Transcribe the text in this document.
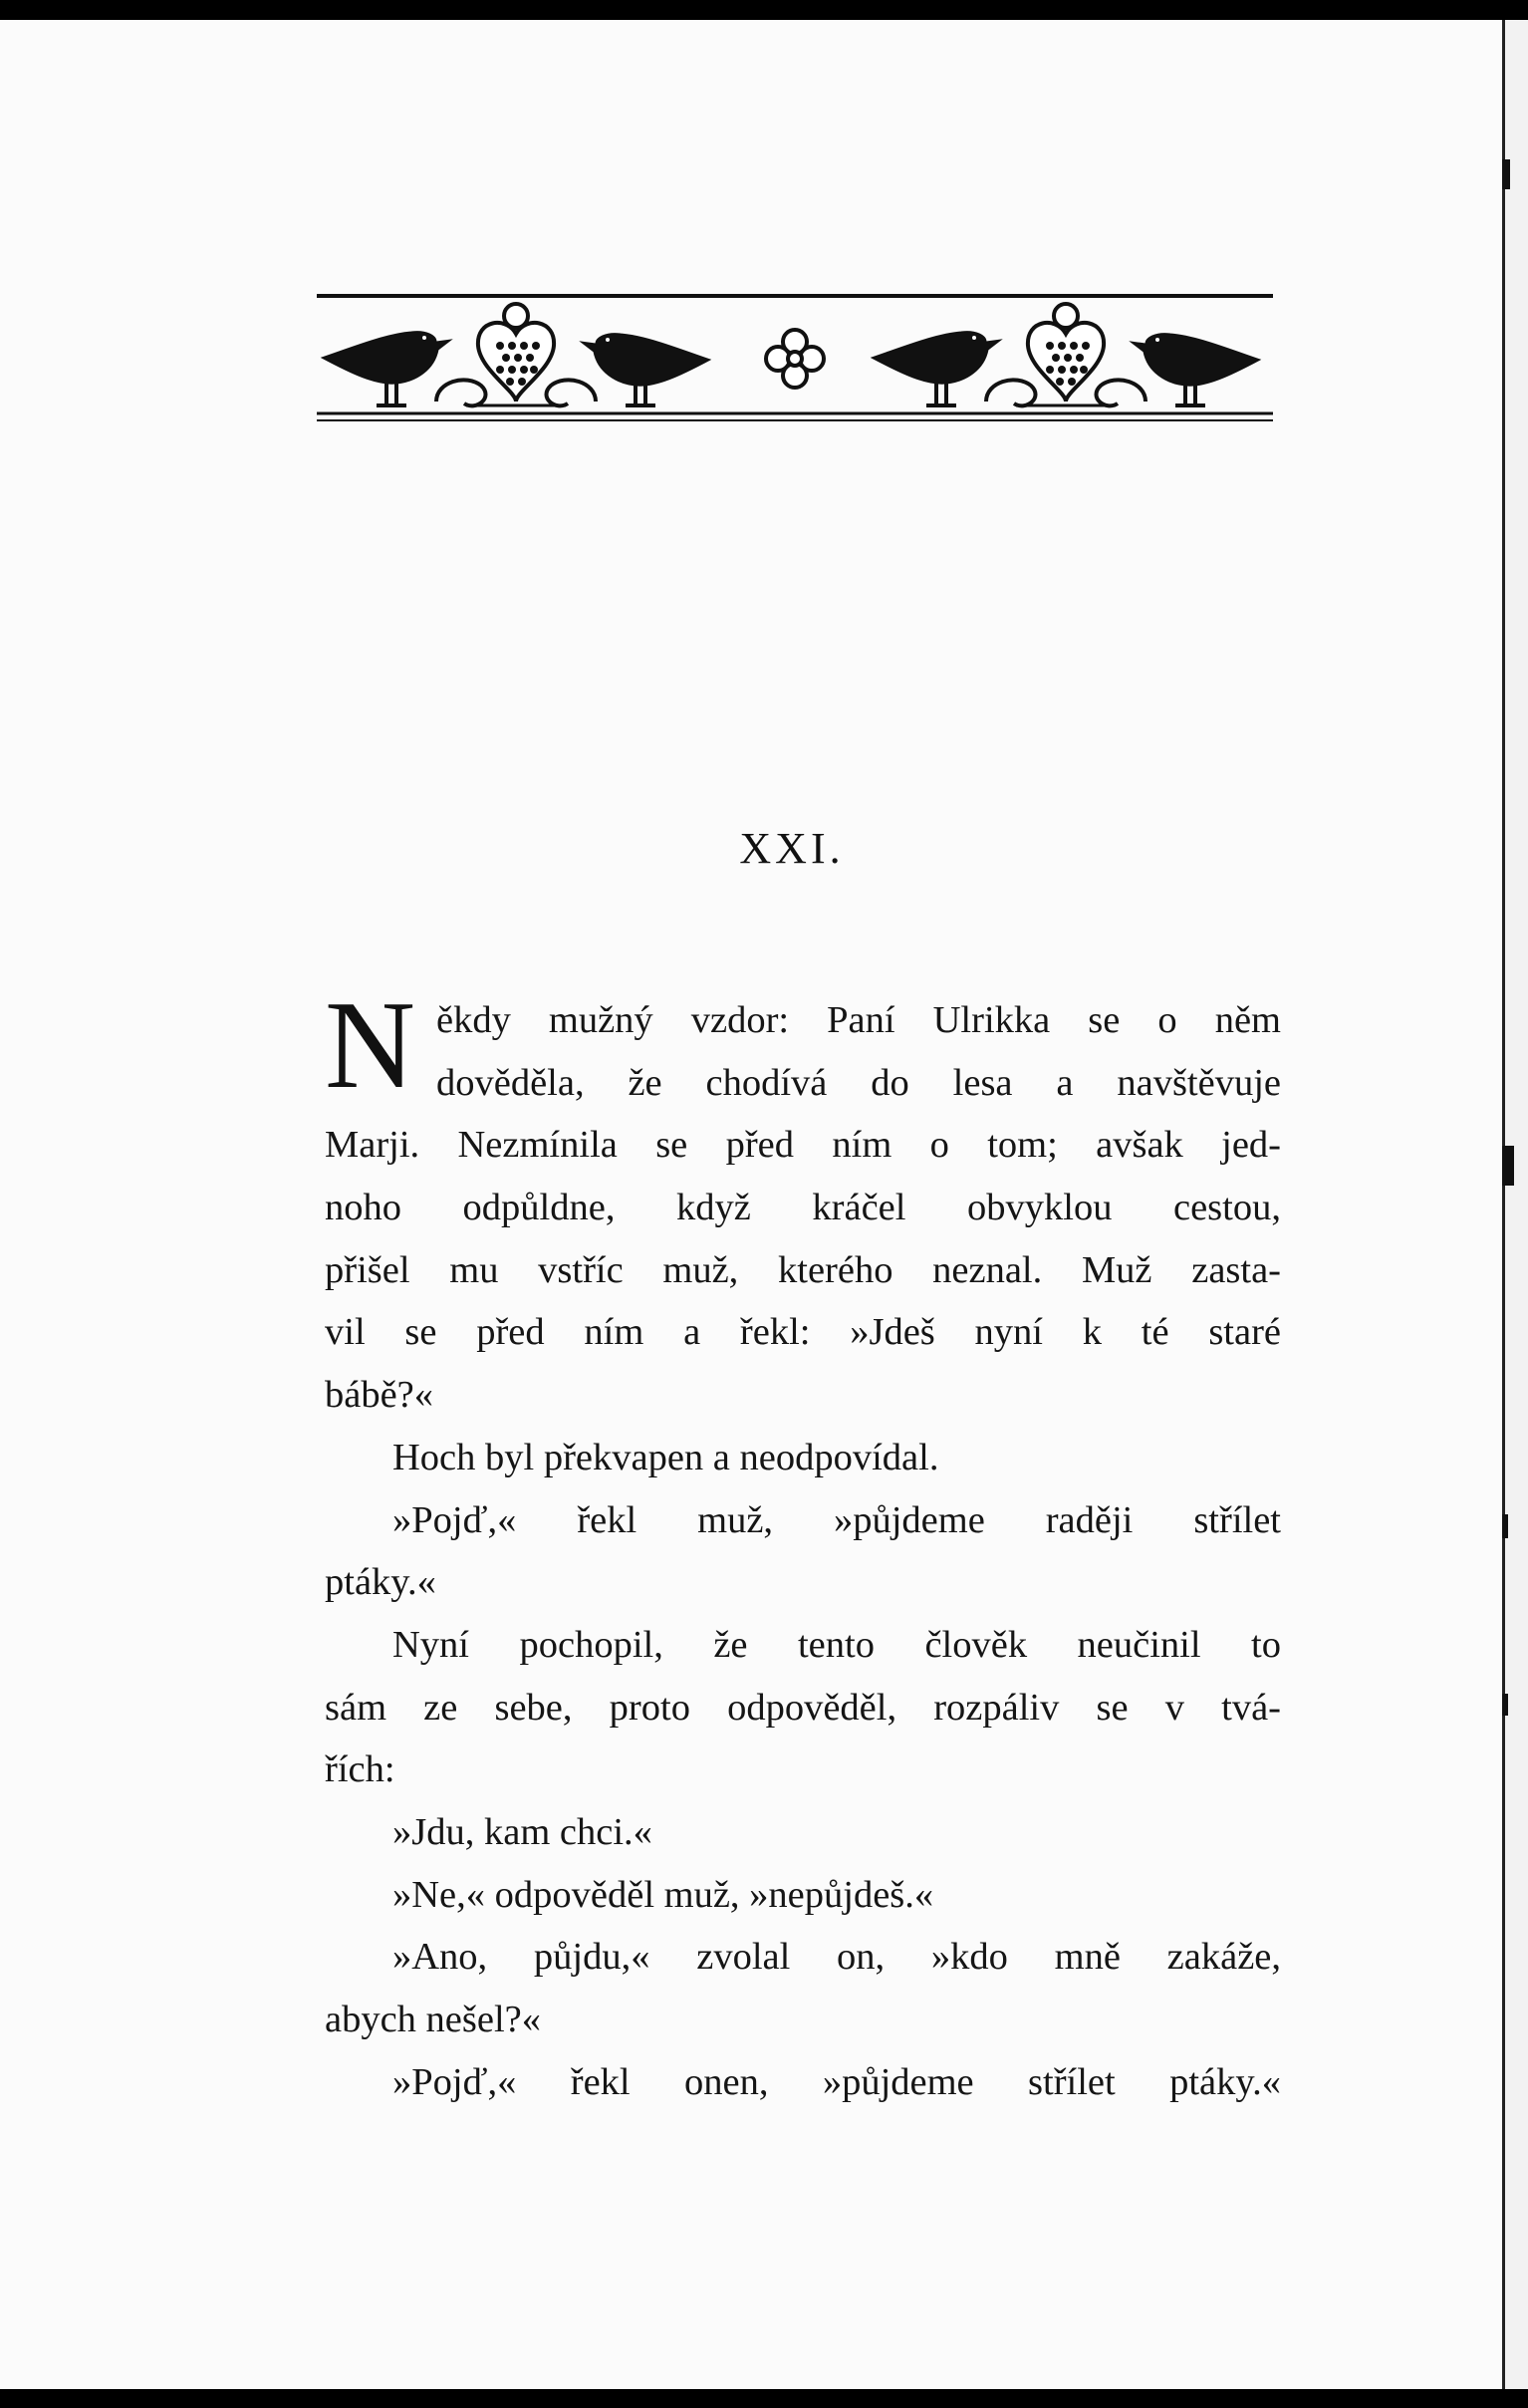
XXI.
N ěkdy mužný vzdor: Paní Ulrikka se o něm
dověděla, že chodívá do lesa a navštěvuje
Marji. Nezmínila se před ním o tom; avšak jed-
noho odpůldne, když kráčel obvyklou cestou,
přišel mu vstříc muž, kterého neznal. Muž zasta-
vil se před ním a řekl: »Jdeš nyní k té staré
bábě?«
Hoch byl překvapen a neodpovídal.
»Pojď,« řekl muž, »půjdeme raději střílet
ptáky.«
Nyní pochopil, že tento člověk neučinil to
sám ze sebe, proto odpověděl, rozpáliv se v tvá-
řích:
»Jdu, kam chci.«
»Ne,« odpověděl muž, »nepůjdeš.«
»Ano, půjdu,« zvolal on, »kdo mně zakáže,
abych nešel?«
»Pojď,« řekl onen, »půjdeme střílet ptáky.«
